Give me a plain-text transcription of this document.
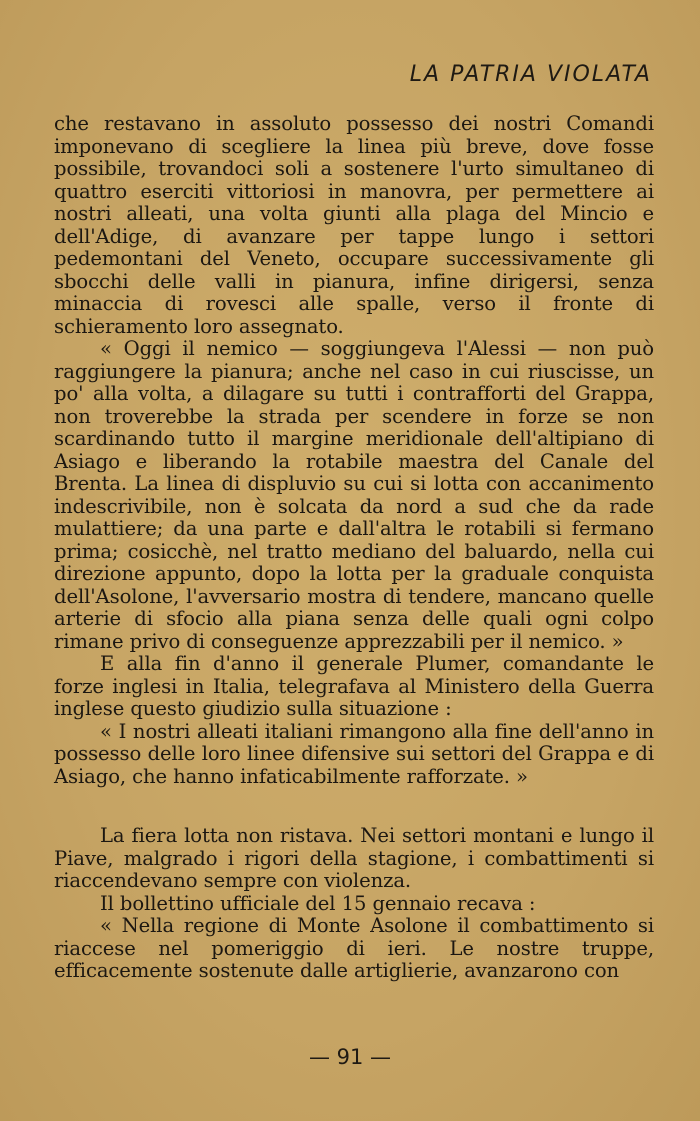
LA PATRIA VIOLATA

che restavano in assoluto possesso dei nostri Comandi imponevano di scegliere la linea più breve, dove fosse possibile, trovandoci soli a sostenere l'urto simultaneo di quattro eserciti vittoriosi in manovra, per permettere ai nostri alleati, una volta giunti alla plaga del Mincio e dell'Adige, di avanzare per tappe lungo i settori pedemontani del Veneto, occupare successivamente gli sbocchi delle valli in pianura, infine dirigersi, senza minaccia di rovesci alle spalle, verso il fronte di schieramento loro assegnato.

« Oggi il nemico — soggiungeva l'Alessi — non può raggiungere la pianura; anche nel caso in cui riuscisse, un po' alla volta, a dilagare su tutti i contrafforti del Grappa, non troverebbe la strada per scendere in forze se non scardinando tutto il margine meridionale dell'altipiano di Asiago e liberando la rotabile maestra del Canale del Brenta. La linea di displuvio su cui si lotta con accanimento indescrivibile, non è solcata da nord a sud che da rade mulattiere; da una parte e dall'altra le rotabili si fermano prima; cosicchè, nel tratto mediano del baluardo, nella cui direzione appunto, dopo la lotta per la graduale conquista dell'Asolone, l'avversario mostra di tendere, mancano quelle arterie di sfocio alla piana senza delle quali ogni colpo rimane privo di conseguenze apprezzabili per il nemico. »

E alla fin d'anno il generale Plumer, comandante le forze inglesi in Italia, telegrafava al Ministero della Guerra inglese questo giudizio sulla situazione :

« I nostri alleati italiani rimangono alla fine dell'anno in possesso delle loro linee difensive sui settori del Grappa e di Asiago, che hanno infaticabilmente rafforzate. »

La fiera lotta non ristava. Nei settori montani e lungo il Piave, malgrado i rigori della stagione, i combattimenti si riaccendevano sempre con violenza.

Il bollettino ufficiale del 15 gennaio recava :

« Nella regione di Monte Asolone il combattimento si riaccese nel pomeriggio di ieri. Le nostre truppe, efficacemente sostenute dalle artiglierie, avanzarono con

— 91 —
